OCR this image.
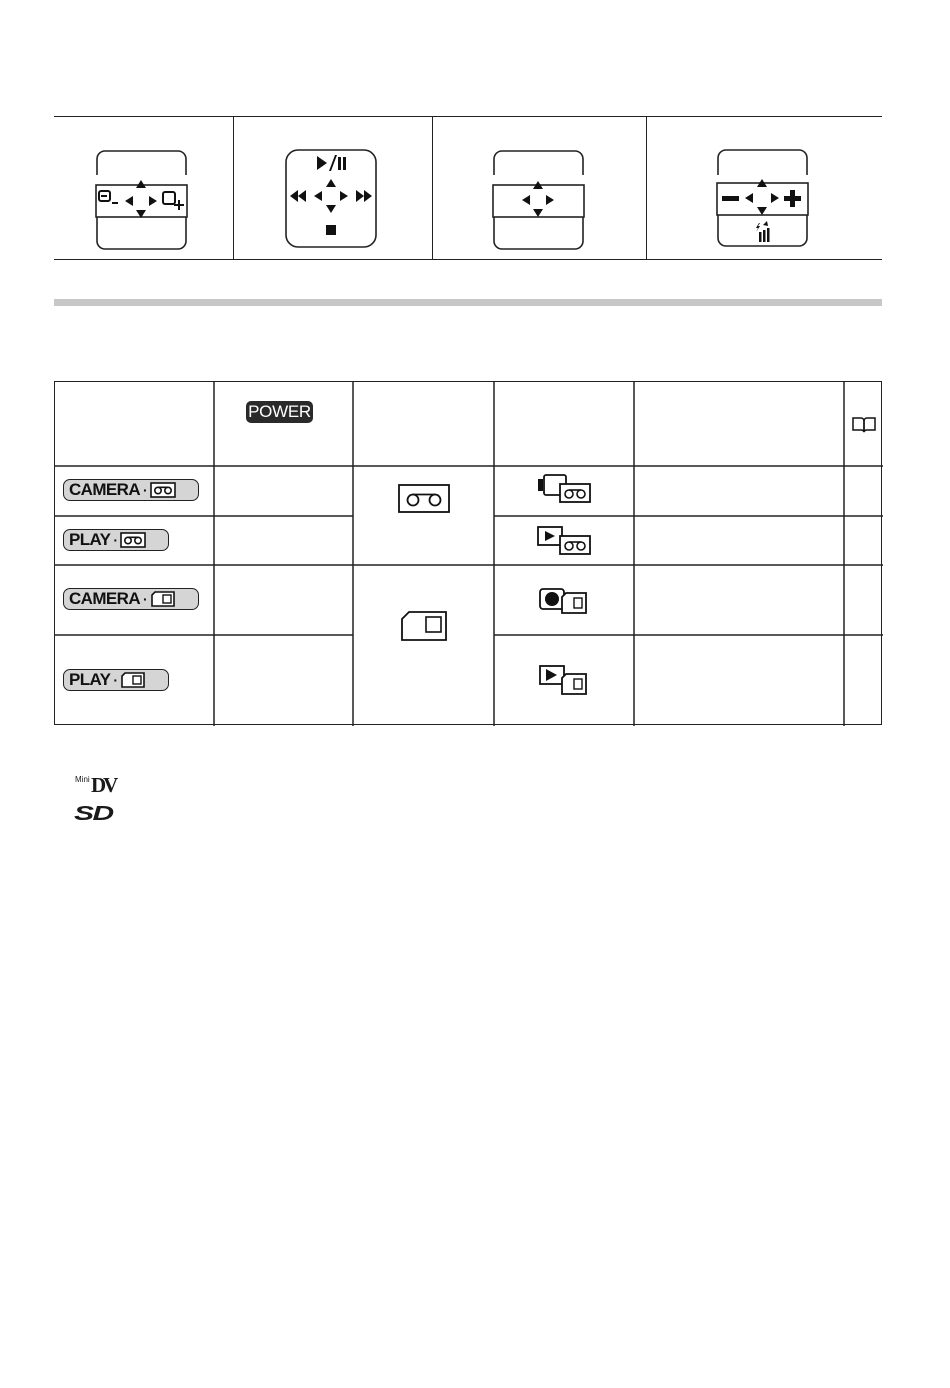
POWER
CAMERA ·
PLAY ·
CAMERA ·
PLAY ·
Mini DV
SD
